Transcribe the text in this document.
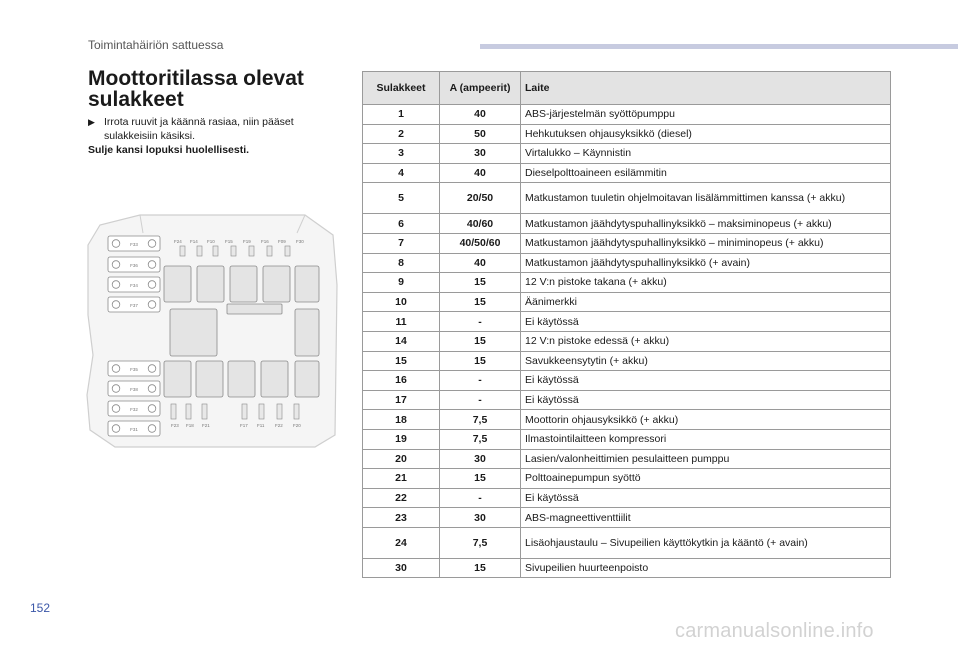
Toimintahäiriön sattuessa
Moottoritilassa olevat
sulakkeet
▶ Irrota ruuvit ja käännä rasiaa, niin pääset sulakkeisiin käsiksi.
Sulje kansi lopuksi huolellisesti.
F33
F36
F34
F37
F35
F38
F32
F31
F24 F14 F10 F15 F19 F16 F09 F30
F23 F18 F21	F17 F11 F22 F20
Sulakkeet	A (ampeerit)	Laite
1	40	ABS-järjestelmän syöttöpumppu
2	50	Hehkutuksen ohjausyksikkö (diesel)
3	30	Virtalukko – Käynnistin
4	40	Dieselpolttoaineen esilämmitin
5	20/50	Matkustamon tuuletin ohjelmoitavan lisälämmittimen kanssa (+ akku)
6	40/60	Matkustamon jäähdytyspuhallinyksikkö – maksiminopeus (+ akku)
7	40/50/60	Matkustamon jäähdytyspuhallinyksikkö – miniminopeus (+ akku)
8	40	Matkustamon jäähdytyspuhallinyksikkö (+ avain)
9	15	12 V:n pistoke takana (+ akku)
10	15	Äänimerkki
11	-	Ei käytössä
14	15	12 V:n pistoke edessä (+ akku)
15	15	Savukkeensytytin (+ akku)
16	-	Ei käytössä
17	-	Ei käytössä
18	7,5	Moottorin ohjausyksikkö (+ akku)
19	7,5	Ilmastointilaitteen kompressori
20	30	Lasien/valonheittimien pesulaitteen pumppu
21	15	Polttoainepumpun syöttö
22	-	Ei käytössä
23	30	ABS-magneettiventtiilit
24	7,5	Lisäohjaustaulu – Sivupeilien käyttökytkin ja kääntö (+ avain)
30	15	Sivupeilien huurteenpoisto
152
carmanualsonline.info
